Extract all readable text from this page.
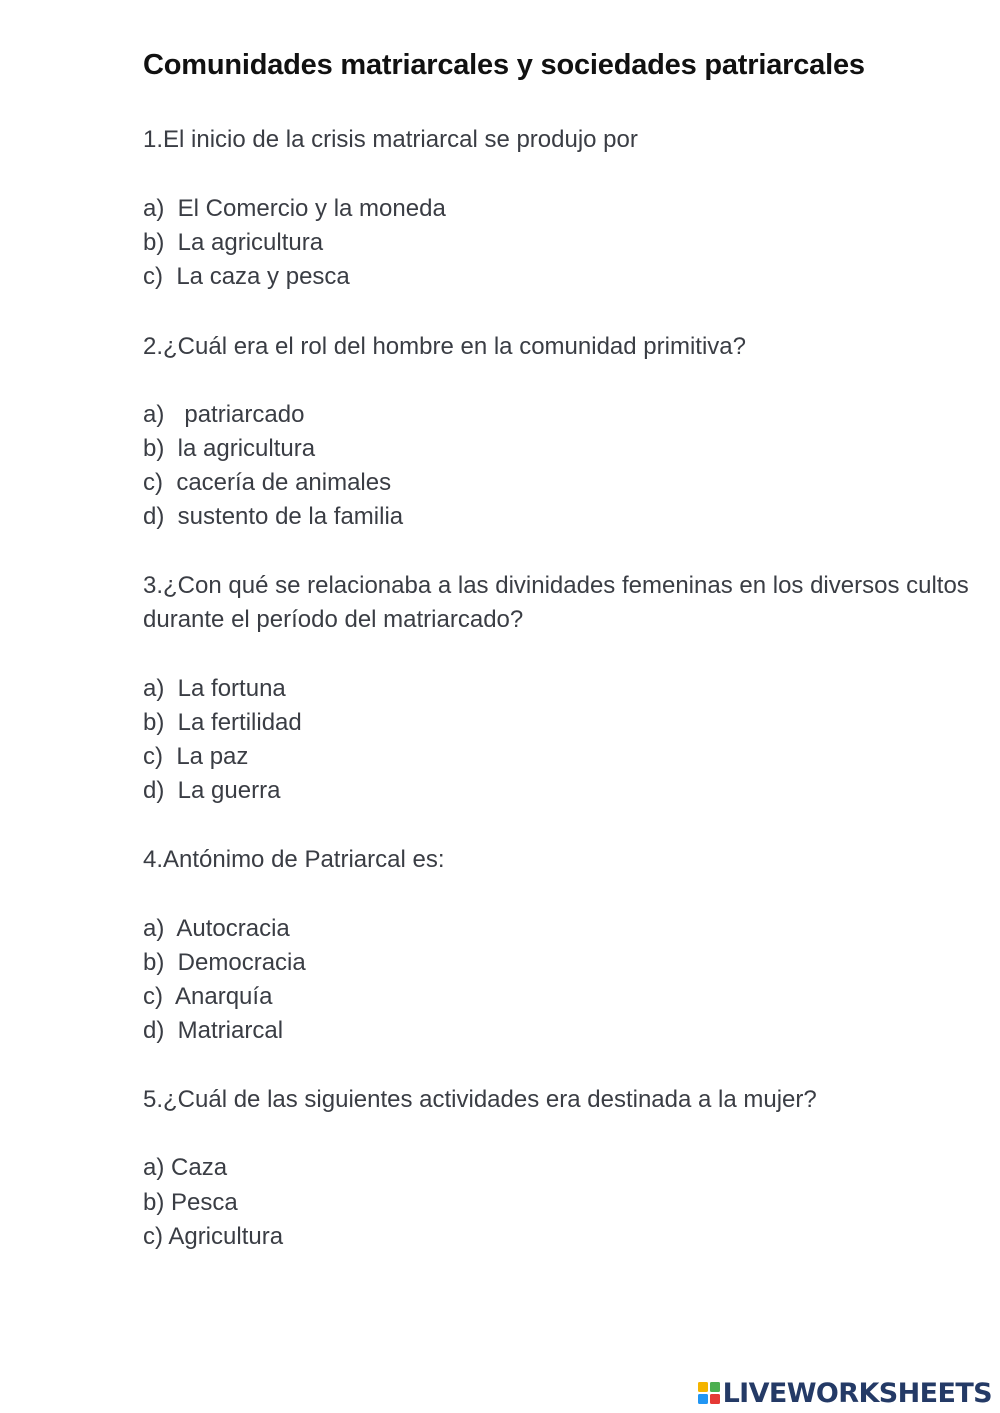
Comunidades matriarcales y sociedades patriarcales
1.El inicio de la crisis matriarcal se produjo por
a)  El Comercio y la moneda
b)  La agricultura
c)  La caza y pesca
2.¿Cuál era el rol del hombre en la comunidad primitiva?
a)   patriarcado
b)  la agricultura
c)  cacería de animales
d)  sustento de la familia
3.¿Con qué se relacionaba a las divinidades femeninas en los diversos cultos durante el período del matriarcado?
a)  La fortuna
b)  La fertilidad
c)  La paz
d)  La guerra
4.Antónimo de Patriarcal es:
a)  Autocracia
b)  Democracia
c)  Anarquía
d)  Matriarcal
5.¿Cuál de las siguientes actividades era destinada a la mujer?
a) Caza
b) Pesca
c) Agricultura
LIVEWORKSHEETS
